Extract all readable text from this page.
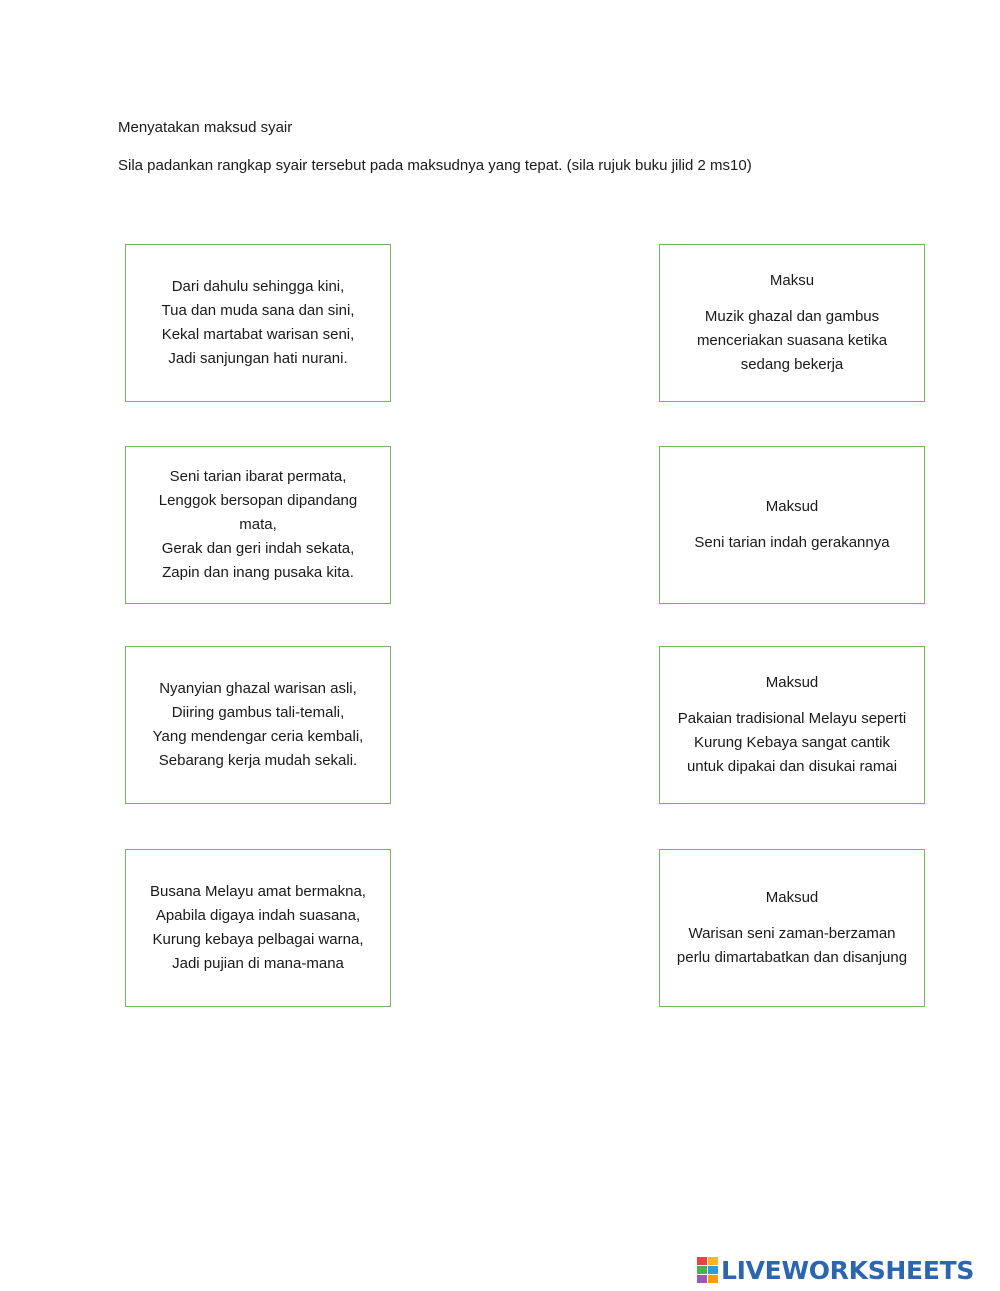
Menyatakan maksud syair
Sila padankan rangkap syair tersebut pada maksudnya yang tepat. (sila rujuk buku jilid 2 ms10)
Dari dahulu sehingga kini,
Tua dan muda sana dan sini,
Kekal martabat warisan seni,
Jadi sanjungan hati nurani.
Seni tarian ibarat permata,
Lenggok bersopan dipandang mata,
Gerak dan geri indah sekata,
Zapin dan inang pusaka kita.
Nyanyian ghazal warisan asli,
Diiring gambus tali-temali,
Yang mendengar ceria kembali,
Sebarang kerja mudah sekali.
Busana Melayu amat bermakna,
Apabila digaya indah suasana,
Kurung kebaya pelbagai warna,
Jadi pujian di mana-mana
Maksu
Muzik ghazal dan gambus menceriakan suasana ketika sedang bekerja
Maksud
Seni tarian indah gerakannya
Maksud
Pakaian tradisional Melayu seperti Kurung Kebaya sangat cantik untuk dipakai dan disukai ramai
Maksud
Warisan seni zaman-berzaman perlu dimartabatkan dan disanjung
LIVEWORKSHEETS
